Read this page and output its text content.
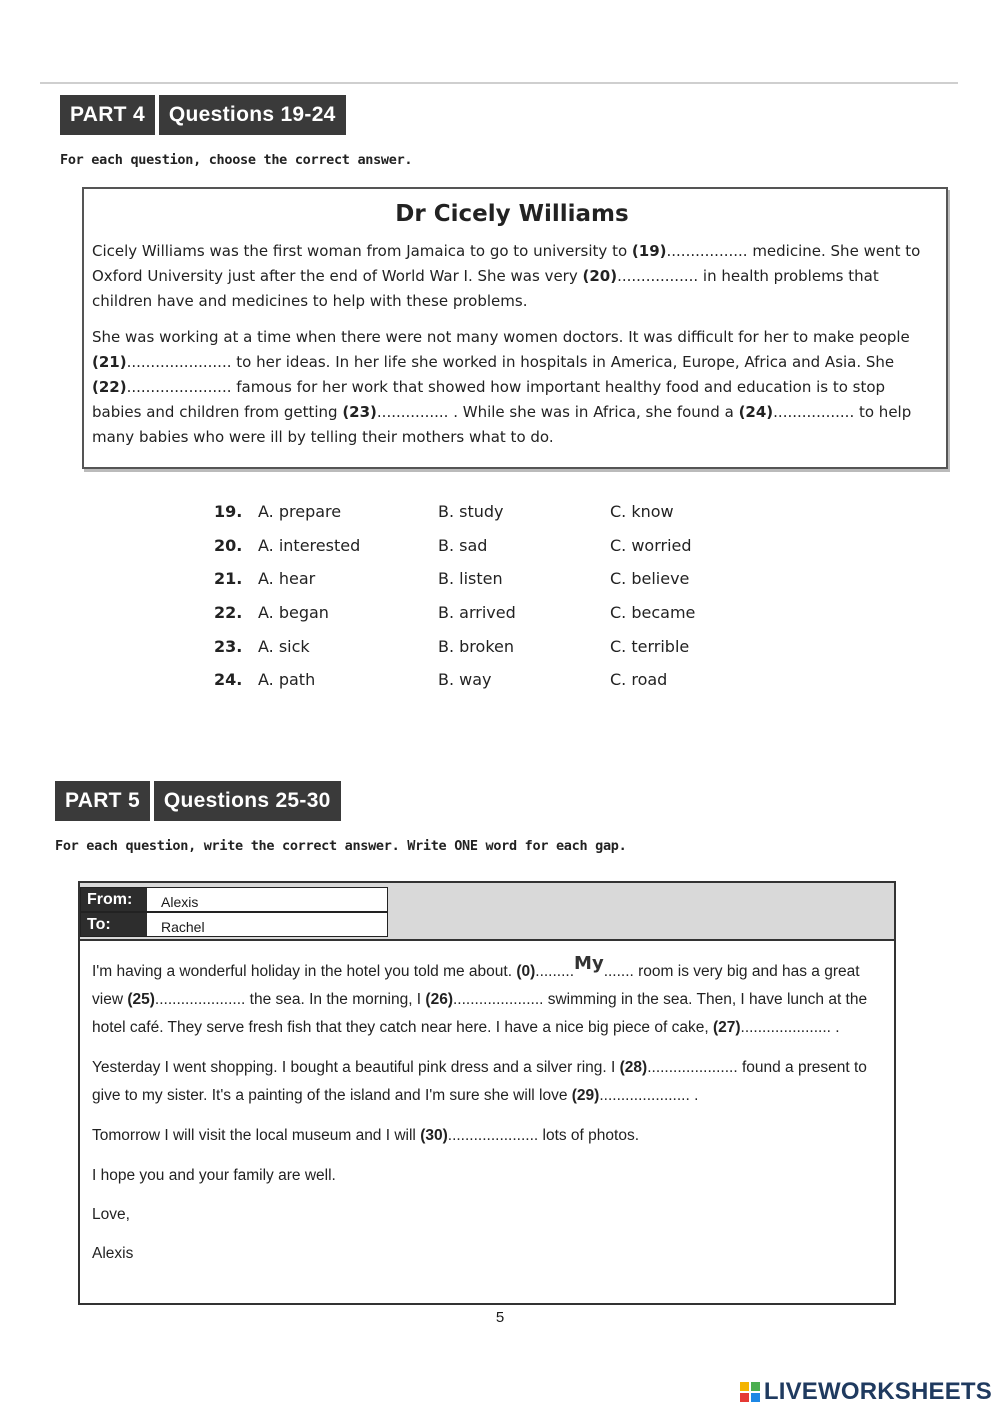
PART 4	Questions 19-24
For each question, choose the correct answer.
Dr Cicely Williams

Cicely Williams was the first woman from Jamaica to go to university to (19)................. medicine. She went to Oxford University just after the end of World War I. She was very (20)................. in health problems that children have and medicines to help with these problems.

She was working at a time when there were not many women doctors. It was difficult for her to make people (21)...................... to her ideas. In her life she worked in hospitals in America, Europe, Africa and Asia. She (22)...................... famous for her work that showed how important healthy food and education is to stop babies and children from getting (23)............... . While she was in Africa, she found a (24)................. to help many babies who were ill by telling their mothers what to do.

19. A. prepare	B. study	C. know
20. A. interested	B. sad	C. worried
21. A. hear	B. listen	C. believe
22. A. began	B. arrived	C. became
23. A. sick	B. broken	C. terrible
24. A. path	B. way	C. road
PART 5	Questions 25-30
For each question, write the correct answer. Write ONE word for each gap.
From:	Alexis
To:	Rachel

I'm having a wonderful holiday in the hotel you told me about. (0).........My....... room is very big and has a great view (25)..................... the sea. In the morning, I (26)..................... swimming in the sea. Then, I have lunch at the hotel café. They serve fresh fish that they catch near here. I have a nice big piece of cake, (27)..................... .

Yesterday I went shopping. I bought a beautiful pink dress and a silver ring. I (28)..................... found a present to give to my sister. It's a painting of the island and I'm sure she will love (29)..................... .

Tomorrow I will visit the local museum and I will (30)..................... lots of photos.

I hope you and your family are well.

Love,

Alexis

5
LIVEWORKSHEETS
